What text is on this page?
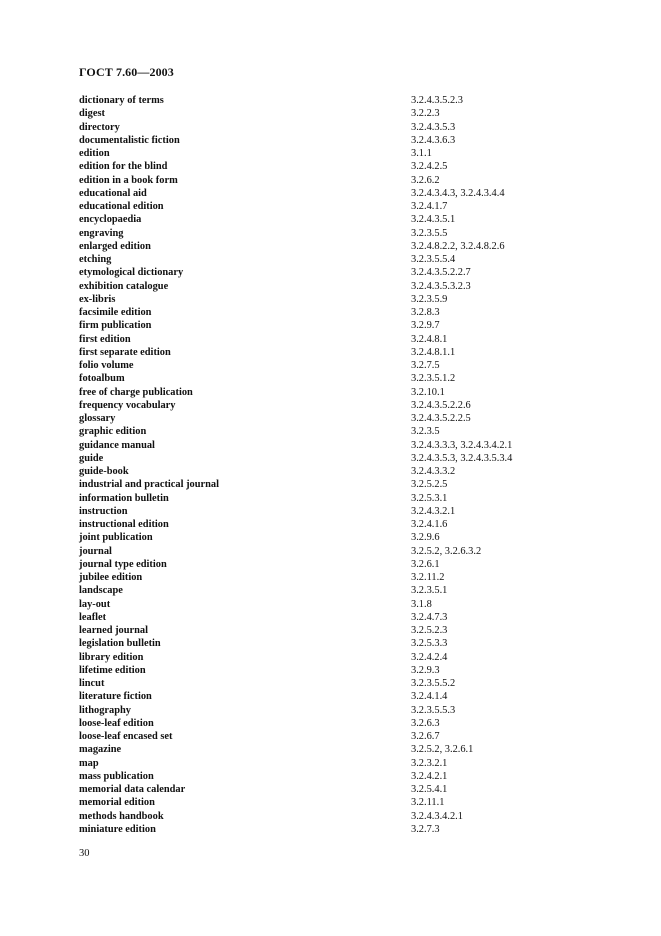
ГОСТ 7.60—2003
dictionary of terms	3.2.4.3.5.2.3
digest	3.2.2.3
directory	3.2.4.3.5.3
documentalistic fiction	3.2.4.3.6.3
edition	3.1.1
edition for the blind	3.2.4.2.5
edition in a book form	3.2.6.2
educational aid	3.2.4.3.4.3, 3.2.4.3.4.4
educational edition	3.2.4.1.7
encyclopaedia	3.2.4.3.5.1
engraving	3.2.3.5.5
enlarged edition	3.2.4.8.2.2, 3.2.4.8.2.6
etching	3.2.3.5.5.4
etymological dictionary	3.2.4.3.5.2.2.7
exhibition catalogue	3.2.4.3.5.3.2.3
ex-libris	3.2.3.5.9
facsimile edition	3.2.8.3
firm publication	3.2.9.7
first edition	3.2.4.8.1
first separate edition	3.2.4.8.1.1
folio volume	3.2.7.5
fotoalbum	3.2.3.5.1.2
free of charge publication	3.2.10.1
frequency vocabulary	3.2.4.3.5.2.2.6
glossary	3.2.4.3.5.2.2.5
graphic edition	3.2.3.5
guidance manual	3.2.4.3.3.3, 3.2.4.3.4.2.1
guide	3.2.4.3.5.3, 3.2.4.3.5.3.4
guide-book	3.2.4.3.3.2
industrial and practical journal	3.2.5.2.5
information bulletin	3.2.5.3.1
instruction	3.2.4.3.2.1
instructional edition	3.2.4.1.6
joint publication	3.2.9.6
journal	3.2.5.2, 3.2.6.3.2
journal type edition	3.2.6.1
jubilee edition	3.2.11.2
landscape	3.2.3.5.1
lay-out	3.1.8
leaflet	3.2.4.7.3
learned journal	3.2.5.2.3
legislation bulletin	3.2.5.3.3
library edition	3.2.4.2.4
lifetime edition	3.2.9.3
lincut	3.2.3.5.5.2
literature fiction	3.2.4.1.4
lithography	3.2.3.5.5.3
loose-leaf edition	3.2.6.3
loose-leaf encased set	3.2.6.7
magazine	3.2.5.2, 3.2.6.1
map	3.2.3.2.1
mass publication	3.2.4.2.1
memorial data calendar	3.2.5.4.1
memorial edition	3.2.11.1
methods handbook	3.2.4.3.4.2.1
miniature edition	3.2.7.3
30
